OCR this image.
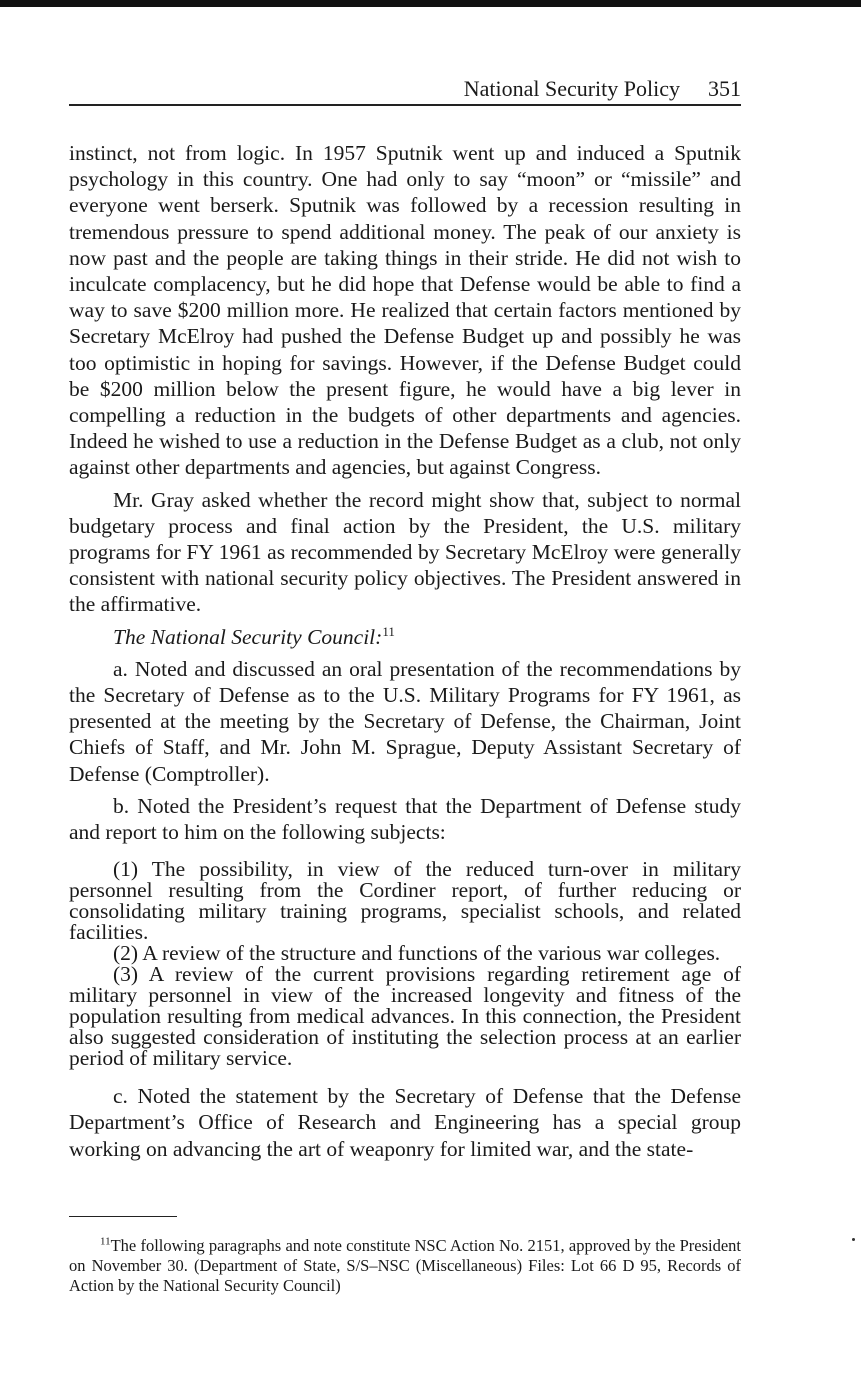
National Security Policy 351

instinct, not from logic. In 1957 Sputnik went up and induced a Sputnik psychology in this country. One had only to say “moon” or “missile” and everyone went berserk. Sputnik was followed by a recession resulting in tremendous pressure to spend additional money. The peak of our anxiety is now past and the people are taking things in their stride. He did not wish to inculcate complacency, but he did hope that Defense would be able to find a way to save $200 million more. He realized that certain factors mentioned by Secretary McElroy had pushed the Defense Budget up and possibly he was too optimistic in hoping for savings. However, if the Defense Budget could be $200 million below the present figure, he would have a big lever in compelling a reduction in the budgets of other departments and agencies. Indeed he wished to use a reduction in the Defense Budget as a club, not only against other departments and agencies, but against Congress.

Mr. Gray asked whether the record might show that, subject to normal budgetary process and final action by the President, the U.S. military programs for FY 1961 as recommended by Secretary McElroy were generally consistent with national security policy objectives. The President answered in the affirmative.

The National Security Council:$^{11}$

a. Noted and discussed an oral presentation of the recommendations by the Secretary of Defense as to the U.S. Military Programs for FY 1961, as presented at the meeting by the Secretary of Defense, the Chairman, Joint Chiefs of Staff, and Mr. John M. Sprague, Deputy Assistant Secretary of Defense (Comptroller).

b. Noted the President’s request that the Department of Defense study and report to him on the following subjects:

(1) The possibility, in view of the reduced turn-over in military personnel resulting from the Cordiner report, of further reducing or consolidating military training programs, specialist schools, and related facilities.

(2) A review of the structure and functions of the various war colleges.

(3) A review of the current provisions regarding retirement age of military personnel in view of the increased longevity and fitness of the population resulting from medical advances. In this connection, the President also suggested consideration of instituting the selection process at an earlier period of military service.

c. Noted the statement by the Secretary of Defense that the Defense Department’s Office of Research and Engineering has a special group working on advancing the art of weaponry for limited war, and the state-

$^{11}$The following paragraphs and note constitute NSC Action No. 2151, approved by the President on November 30. (Department of State, S/S–NSC (Miscellaneous) Files: Lot 66 D 95, Records of Action by the National Security Council)
